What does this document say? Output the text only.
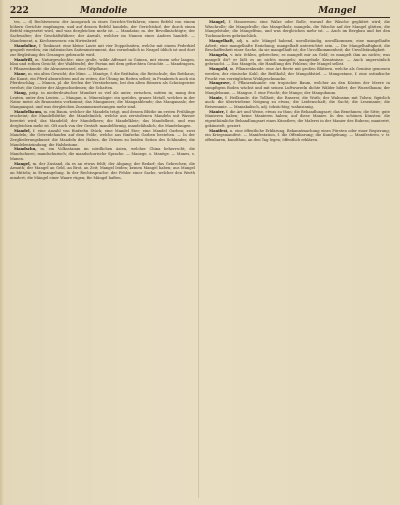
222	Mandolie	Mangel

tes, — d) Rechtswesen: der Ausspruch in eines Gerichts-Verfahren; einen Befehl von einem höhern Gerichte empfangen, und auf dessen Befehl handeln, der Gerichtshof, der durch einen Befehl eingesetzt wird, und was dergleichen mehr ist. — Mandatar, m. der Bevollmächtigte; der Sachwalter; der Geschäftsführer; der Anwalt, welcher im Namen eines Andern handelt. — Mandement, n. Kirchenwesen: ein Hirtenbrief.

Mandoline, f. Tonkunst: eine kleine Laute mit vier Doppelsaiten, welche mit einem Federkiel gespielt werden; ein italienisches Saiteninstrument, das vornehmlich in Neapel üblich ist und dort zur Begleitung des Gesanges gebraucht wird.

Mandrill, m. Naturgeschichte: eine große, wilde Affenart in Guinea, mit einem sehr langen, blau und rothen Gesicht; der Waldteufel; der Pavian mit dem gefurchten Gesichte. — Mandragora, f. Pflanzenkunde: die Alraunwurzel, eine Giftpflanze.

Mane, m. ein altes Gewicht; die Mine. — Manège, f. die Reitbahn; die Reitschule; das Reithaus; die Kunst, ein Pferd abzurichten und zu reiten; die Übung im Reiten selbst; in Frankreich auch ein Pferdeschlag. — Manen, pl. die Seelen der Verstorbenen, bei den alten Römern als Schutzgeister verehrt; die Geister der Abgeschiedenen; die Schatten.

Mang, präp. in niederdeutscher Mundart so viel als unter, zwischen, mitten in; mang den Leuten, unter den Leuten. — Mangan, n. Mineralogie: ein sprödes, graues Metall, welches in der Natur meist als Braunstein vorkommt; das Manganerz; die Manganblende; das Mangansalz; der Manganspat, und was dergleichen Zusammensetzungen mehr sind.

Mandelbaum, m. ein Baum, welcher die Mandeln trägt, und dessen Blüthe im ersten Frühlinge erscheint; die Mandelblüthe; die Mandelmilch, welche aus zerstoßenen Mandeln mit Wasser bereitet wird; das Mandelöl; der Mandelkern; die Mandelkleie; das Mandelbrot, und was dergleichen mehr ist. Oft auch von der Gestalt: mandelförmig, mandelähnlich; die Mandelaugen.

Mandel, f. eine Anzahl von fünfzehn Stück; eine Mandel Eier; eine Mandel Garben; zwei Mandeln; die Getreidehaufen auf dem Felde, welche aus fünfzehn Garben bestehen. — In der Zergliederungskunst: die Mandeln des Halses, die Drüsen zu beiden Seiten des Schlundes; die Mandelentzündung; die Halsbräune.

Mandschu, m. ein Volksstamm im nördlichen Asien, welcher China beherrscht; die Mandschurei; mandschurisch; die mandschurische Sprache. — Manege, s. Manège. — Manes, s. Manen.

Mangel, m. der Zustand, da es an etwas fehlt; der Abgang; der Bedarf; das Gebrechen; die Armuth; der Mangel an Geld, an Brot, an Zeit; Mangel leiden; keinen Mangel haben; aus Mangel an Mitteln; in Ermangelung. In der Rechtssprache: der Fehler einer Sache, welcher den Werth mindert; die Mängel einer Waare rügen; für Mängel haften.

Mangel, f. Hauswesen: eine Walze oder Rolle, worauf die Wäsche geglättet wird; die Wäschrolle; die Mangelrolle; das Mangelholz; mangeln, die Wäsche auf der Mangel glätten; die Mangelstube; die Mangelfrau, und was dergleichen mehr ist. — Auch im Bergbau und bei den Tuchmachern gebräuchlich.

Mangelhaft, adj. u. adv. Mängel habend, unvollständig, unvollkommen; eine mangelhafte Arbeit; eine mangelhafte Erziehung; mangelhaft unterrichtet sein. — Die Mangelhaftigkeit, die Beschaffenheit einer Sache, da sie mangelhaft ist; die Unvollkommenheit; die Unvollständigkeit.

Mangeln, v. intr. fehlen, gebrechen; es mangelt mir an Geld; es mangelt ihm an nichts; was mangelt dir? er läßt es an nichts mangeln; mangelnde Kenntnisse. — Auch unpersönlich gebraucht. — Das Mangeln, die Handlung des Fehlens; der Mangel selbst.

Mangold, m. Pflanzenkunde: eine Art Beete mit großen Blättern, welche als Gemüse genossen werden; der römische Kohl; die Beißkohl; der Mangoldstiel. — Mangostane, f. eine ostindische Frucht von vorzüglichem Wohlgeschmacke.

Mangrove, f. Pflanzenkunde: ein tropischer Baum, welcher an den Küsten der Meere in sumpfigem Boden wächst und mit seinen Luftwurzeln dichte Wälder bildet; der Wurzelbaum; der Manglebaum. — Mangue, f. eine Frucht; die Mango; der Mangobaum.

Manie, f. Heilkunde: die Tollheit; die Raserei; die Wuth; der Wahnsinn mit Toben; figürlich auch: die übertriebene Neigung zu etwas; die Leidenschaft; die Sucht; die Lesemanie; die Reisemanie. — Maniakalisch, adj. tobsüchtig; wahnsinnig.

Manier, f. die Art und Weise, etwas zu thun; die Behandlungsart; das Benehmen; die Sitte; gute Manieren haben; keine Manieren haben; auf diese Manier. In den schönen Künsten: die eigenthümliche Behandlungsart eines Künstlers; die Malerei in der Manier des Rubens; manierirt, gekünstelt, geziert.

Manifest, n. eine öffentliche Erklärung, Bekanntmachung eines Fürsten oder einer Regierung; ein Kriegsmanifest. — Manifestation, f. die Offenbarung; die Kundgebung. — Manifestiren, v. tr. offenbaren, kundthun, an den Tag legen; öffentlich erklären.
